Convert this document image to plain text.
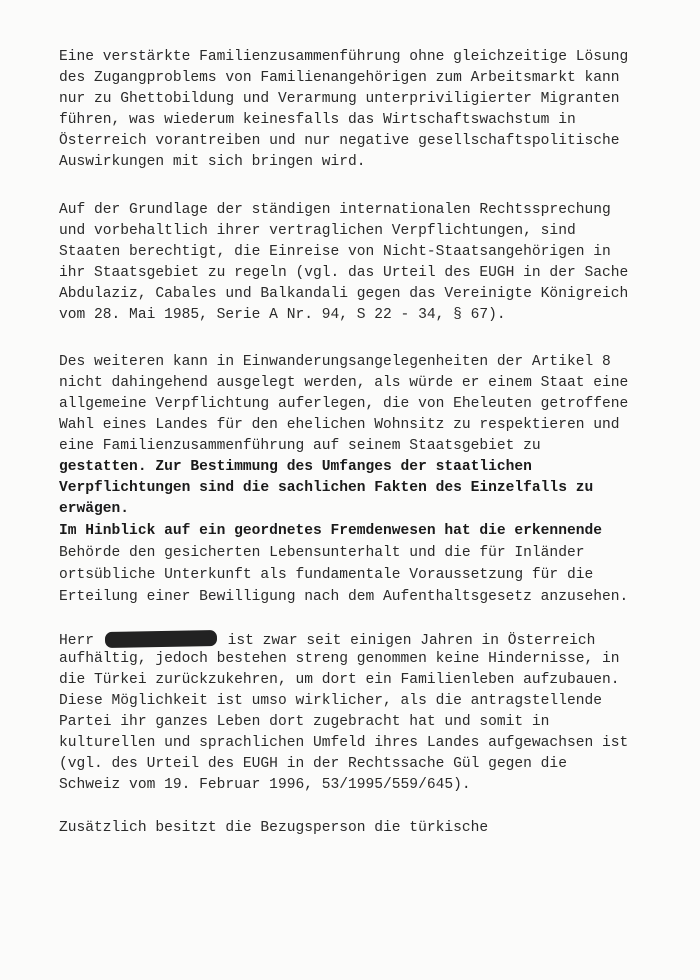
Eine verstärkte Familienzusammenführung ohne gleichzeitige Lösung

des Zugangproblems von Familienangehörigen zum Arbeitsmarkt kann

nur zu Ghettobildung und Verarmung unterpriviligierter Migranten

führen, was wiederum keinesfalls das Wirtschaftswachstum in

Österreich vorantreiben und nur negative gesellschaftspolitische

Auswirkungen mit sich bringen wird.

Auf der Grundlage der ständigen internationalen Rechtssprechung

und vorbehaltlich ihrer vertraglichen Verpflichtungen, sind

Staaten berechtigt, die Einreise von Nicht-Staatsangehörigen in

ihr Staatsgebiet zu regeln (vgl. das Urteil des EUGH in der Sache

Abdulaziz, Cabales und Balkandali gegen das Vereinigte Königreich

vom 28. Mai 1985, Serie A Nr. 94, S 22 - 34, § 67).

Des weiteren kann in Einwanderungsangelegenheiten der Artikel 8

nicht dahingehend ausgelegt werden, als würde er einem Staat eine

allgemeine Verpflichtung auferlegen, die von Eheleuten getroffene

Wahl eines Landes für den ehelichen Wohnsitz zu respektieren und

eine Familienzusammenführung auf seinem Staatsgebiet zu

gestatten. Zur Bestimmung des Umfanges der staatlichen

Verpflichtungen sind die sachlichen Fakten des Einzelfalls zu

erwägen.

Im Hinblick auf ein geordnetes Fremdenwesen hat die erkennende

Behörde den gesicherten Lebensunterhalt und die für Inländer

ortsübliche Unterkunft als fundamentale Voraussetzung für die

Erteilung einer Bewilligung nach dem Aufenthaltsgesetz anzusehen.

Herr	ist zwar seit einigen Jahren in Österreich

aufhältig, jedoch bestehen streng genommen keine Hindernisse, in

die Türkei zurückzukehren, um dort ein Familienleben aufzubauen.

Diese Möglichkeit ist umso wirklicher, als die antragstellende

Partei ihr ganzes Leben dort zugebracht hat und somit in

kulturellen und sprachlichen Umfeld ihres Landes aufgewachsen ist

(vgl. des Urteil des EUGH in der Rechtssache Gül gegen die

Schweiz vom 19. Februar 1996, 53/1995/559/645).

Zusätzlich besitzt die Bezugsperson die türkische
